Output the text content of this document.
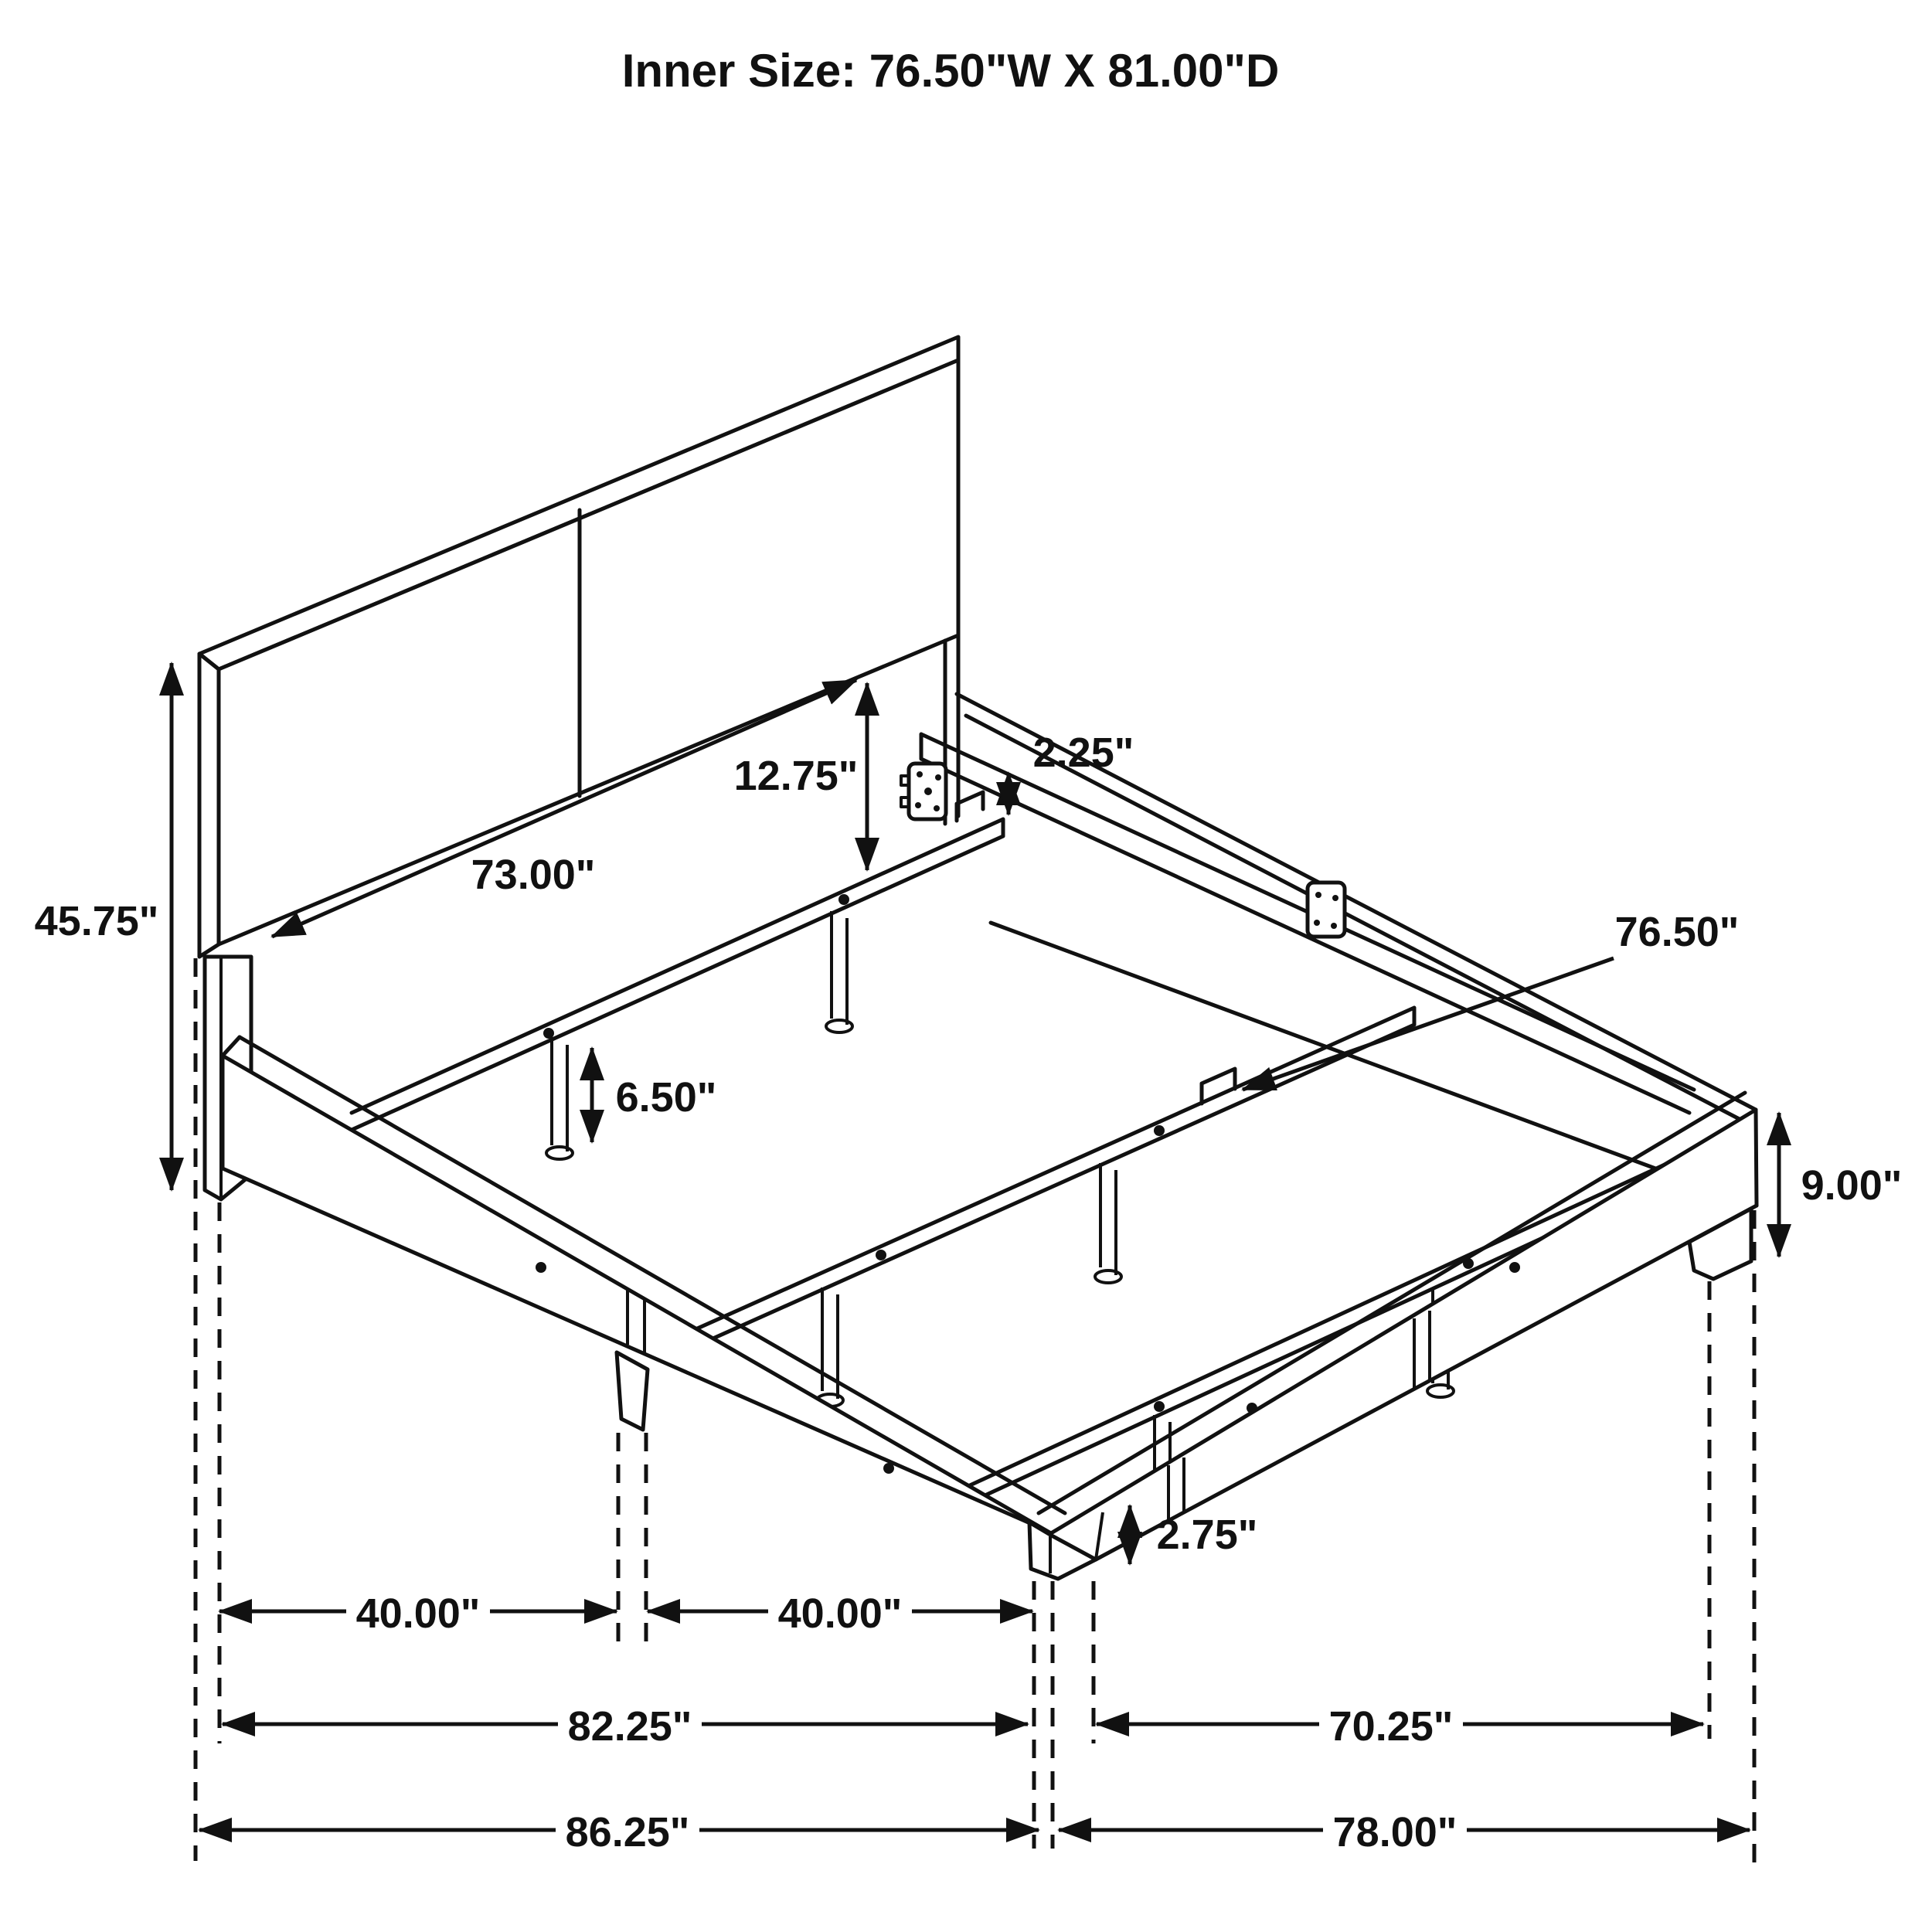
Inner Size: 76.50"W X 81.00"D
45.75"
73.00"
12.75"	2.25"
76.50"
6.50"
9.00"
2.75"
40.00"	40.00"
82.25"	70.25"
86.25"	78.00"
